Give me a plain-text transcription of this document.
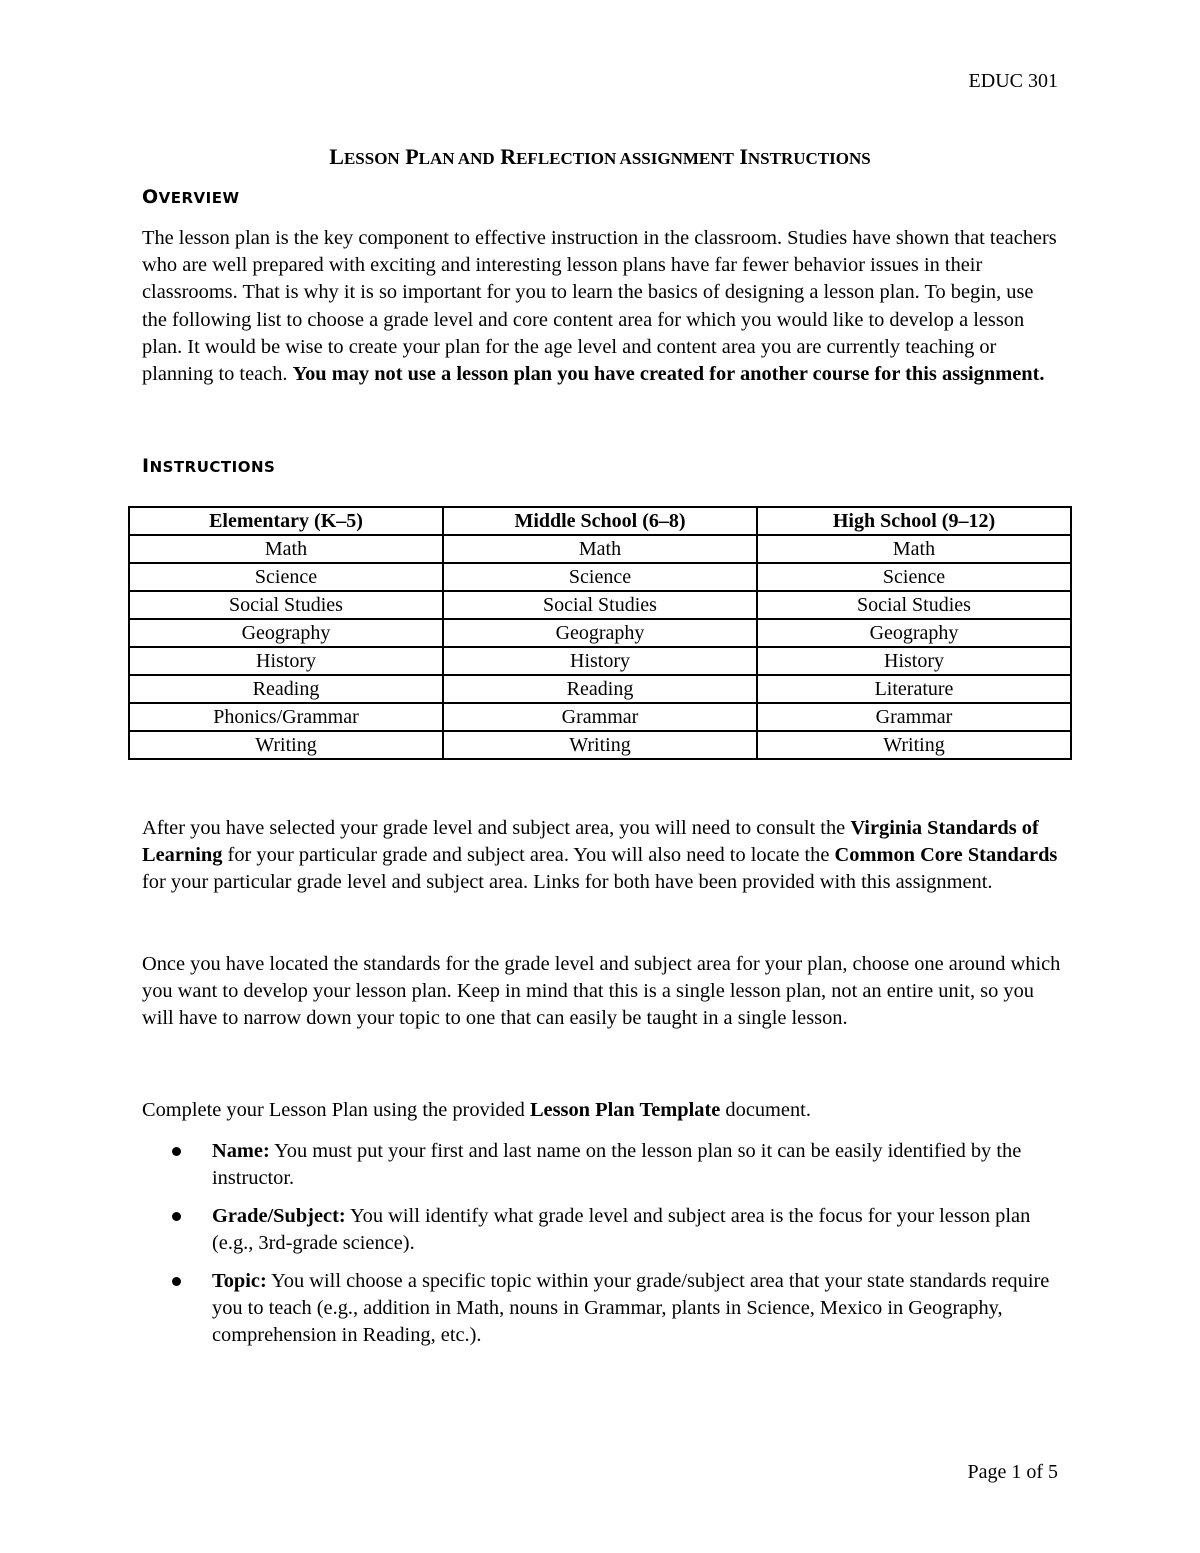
EDUC 301
LESSON PLAN AND REFLECTION ASSIGNMENT INSTRUCTIONS
OVERVIEW
The lesson plan is the key component to effective instruction in the classroom. Studies have shown that teachers who are well prepared with exciting and interesting lesson plans have far fewer behavior issues in their classrooms. That is why it is so important for you to learn the basics of designing a lesson plan. To begin, use the following list to choose a grade level and core content area for which you would like to develop a lesson plan. It would be wise to create your plan for the age level and content area you are currently teaching or planning to teach. You may not use a lesson plan you have created for another course for this assignment.
INSTRUCTIONS
Elementary (K–5)	Middle School (6–8)	High School (9–12)
Math	Math	Math
Science	Science	Science
Social Studies	Social Studies	Social Studies
Geography	Geography	Geography
History	History	History
Reading	Reading	Literature
Phonics/Grammar	Grammar	Grammar
Writing	Writing	Writing
After you have selected your grade level and subject area, you will need to consult the Virginia Standards of Learning for your particular grade and subject area. You will also need to locate the Common Core Standards for your particular grade level and subject area. Links for both have been provided with this assignment.
Once you have located the standards for the grade level and subject area for your plan, choose one around which you want to develop your lesson plan. Keep in mind that this is a single lesson plan, not an entire unit, so you will have to narrow down your topic to one that can easily be taught in a single lesson.
Complete your Lesson Plan using the provided Lesson Plan Template document.
Name: You must put your first and last name on the lesson plan so it can be easily identified by the instructor.
Grade/Subject: You will identify what grade level and subject area is the focus for your lesson plan (e.g., 3rd-grade science).
Topic: You will choose a specific topic within your grade/subject area that your state standards require you to teach (e.g., addition in Math, nouns in Grammar, plants in Science, Mexico in Geography, comprehension in Reading, etc.).
Page 1 of 5
